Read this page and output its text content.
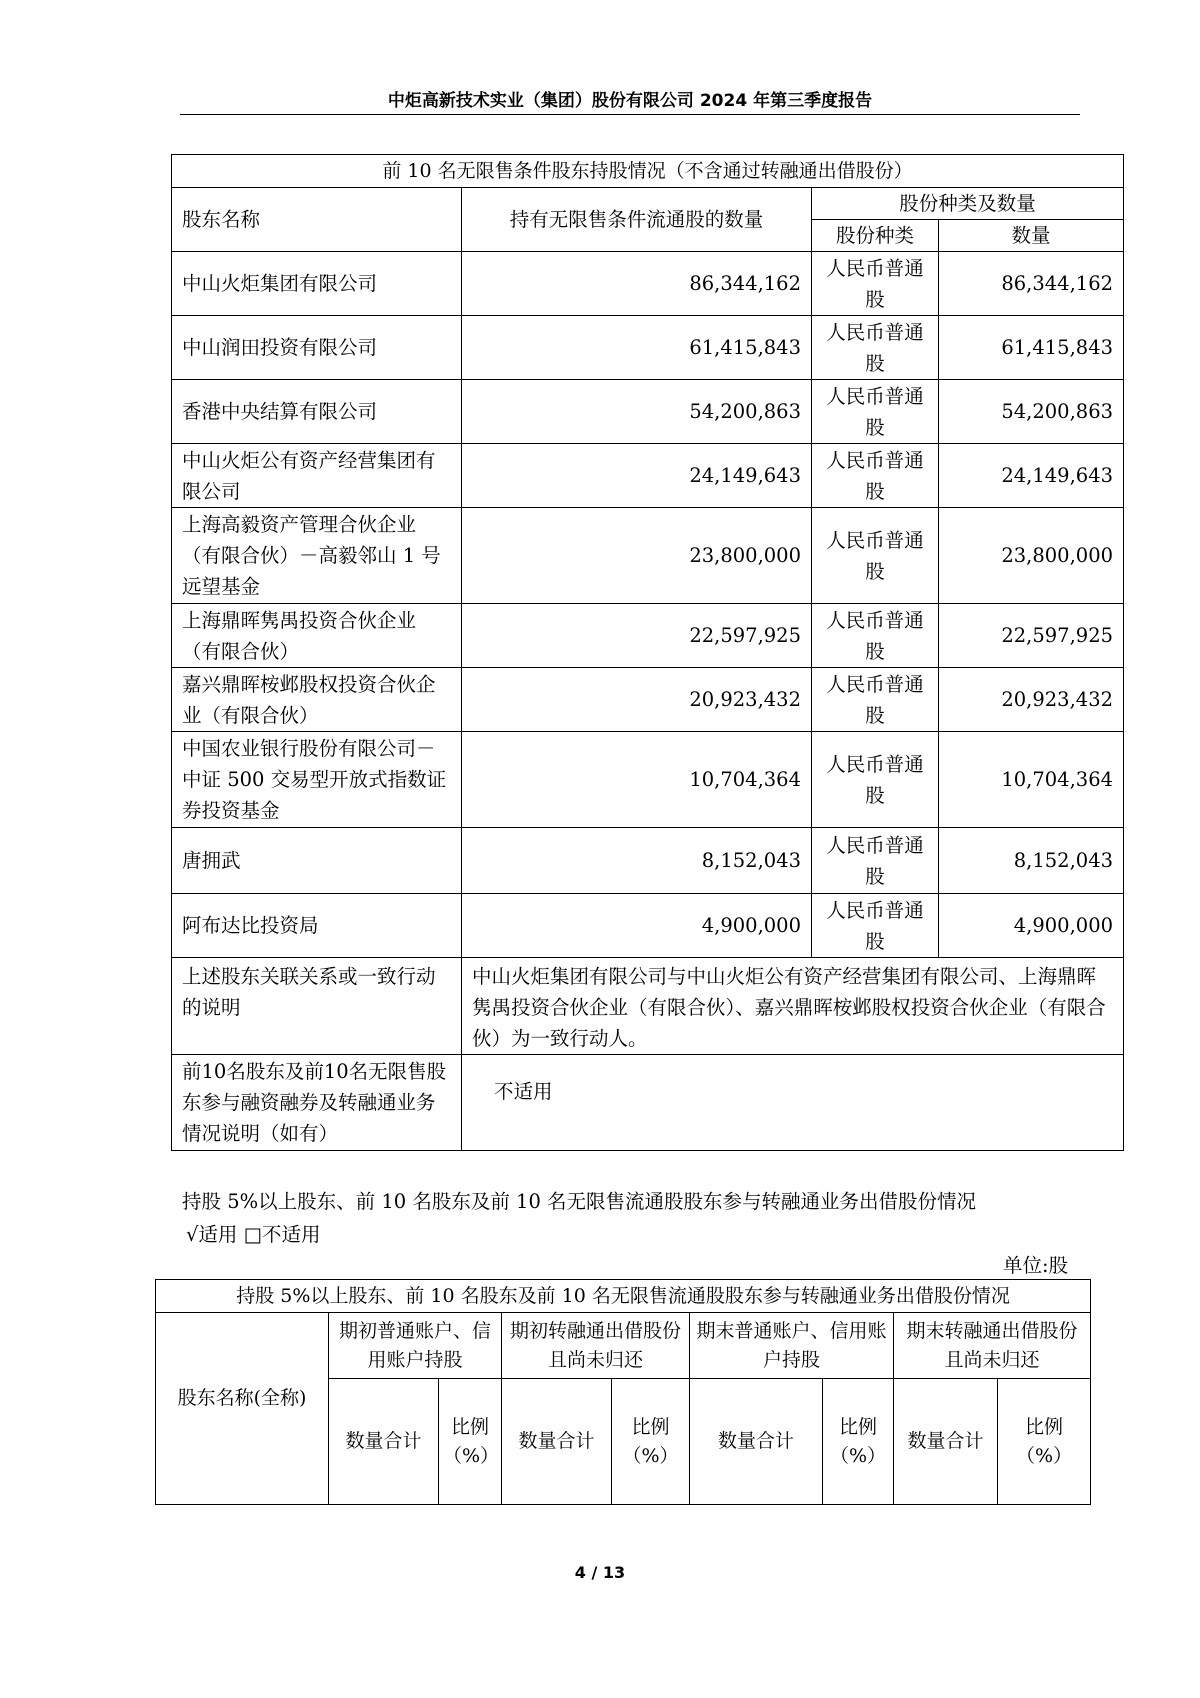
中炬高新技术实业（集团）股份有限公司 2024 年第三季度报告
前 10 名无限售条件股东持股情况（不含通过转融通出借股份）			
股东名称	持有无限售条件流通股的数量	股份种类及数量	
		股份种类	数量
中山火炬集团有限公司	86,344,162	人民币普通股	86,344,162
中山润田投资有限公司	61,415,843	人民币普通股	61,415,843
香港中央结算有限公司	54,200,863	人民币普通股	54,200,863
中山火炬公有资产经营集团有限公司	24,149,643	人民币普通股	24,149,643
上海高毅资产管理合伙企业（有限合伙）－高毅邻山 1 号远望基金	23,800,000	人民币普通股	23,800,000
上海鼎晖隽禺投资合伙企业（有限合伙）	22,597,925	人民币普通股	22,597,925
嘉兴鼎晖桉邺股权投资合伙企业（有限合伙）	20,923,432	人民币普通股	20,923,432
中国农业银行股份有限公司－中证 500 交易型开放式指数证券投资基金	10,704,364	人民币普通股	10,704,364
唐拥武	8,152,043	人民币普通股	8,152,043
阿布达比投资局	4,900,000	人民币普通股	4,900,000
上述股东关联关系或一致行动的说明	中山火炬集团有限公司与中山火炬公有资产经营集团有限公司、上海鼎晖隽禺投资合伙企业（有限合伙）、嘉兴鼎晖桉邺股权投资合伙企业（有限合伙）为一致行动人。		
前10名股东及前10名无限售股东参与融资融券及转融通业务情况说明（如有）	不适用		
持股 5%以上股东、前 10 名股东及前 10 名无限售流通股股东参与转融通业务出借股份情况
√适用 □不适用
单位:股
持股 5%以上股东、前 10 名股东及前 10 名无限售流通股股东参与转融通业务出借股份情况								
股东名称(全称)	期初普通账户、信用账户持股		期初转融通出借股份且尚未归还		期末普通账户、信用账户持股		期末转融通出借股份且尚未归还	
	数量合计	比例（%）	数量合计	比例（%）	数量合计	比例（%）	数量合计	比例（%）
4 / 13
